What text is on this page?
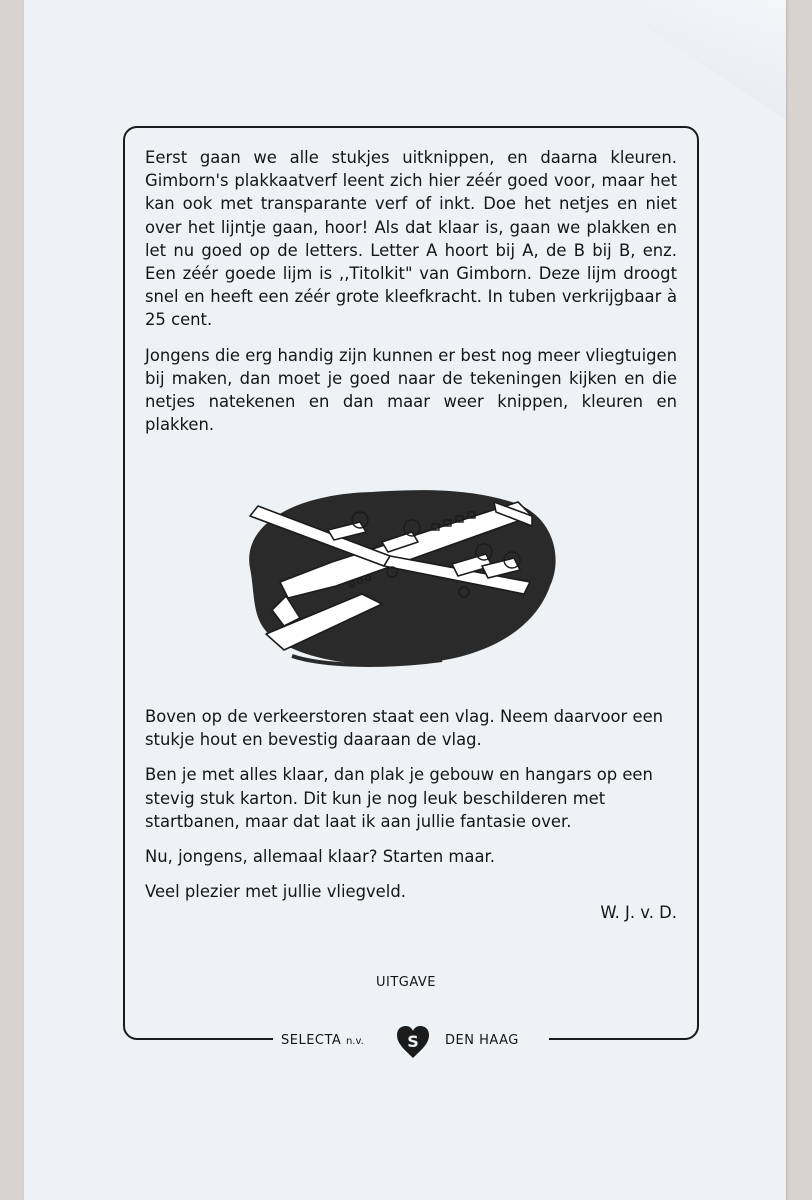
Eerst gaan we alle stukjes uitknippen, en daarna kleuren. Gimborn's plakkaatverf leent zich hier zéér goed voor, maar het kan ook met transparante verf of inkt. Doe het netjes en niet over het lijntje gaan, hoor! Als dat klaar is, gaan we plakken en let nu goed op de letters. Letter A hoort bij A, de B bij B, enz. Een zéér goede lijm is ,,Titolkit" van Gimborn. Deze lijm droogt snel en heeft een zéér grote kleefkracht. In tuben verkrijgbaar à 25 cent.

Jongens die erg handig zijn kunnen er best nog meer vliegtuigen bij maken, dan moet je goed naar de tekeningen kijken en die netjes natekenen en dan maar weer knippen, kleuren en plakken.

Boven op de verkeerstoren staat een vlag. Neem daarvoor een stukje hout en bevestig daaraan de vlag.

Ben je met alles klaar, dan plak je gebouw en hangars op een stevig stuk karton. Dit kun je nog leuk beschilderen met startbanen, maar dat laat ik aan jullie fantasie over.

Nu, jongens, allemaal klaar? Starten maar.

Veel plezier met jullie vliegveld.

W. J. v. D.
UITGAVE
SELECTA n.v.	S DEN HAAG
